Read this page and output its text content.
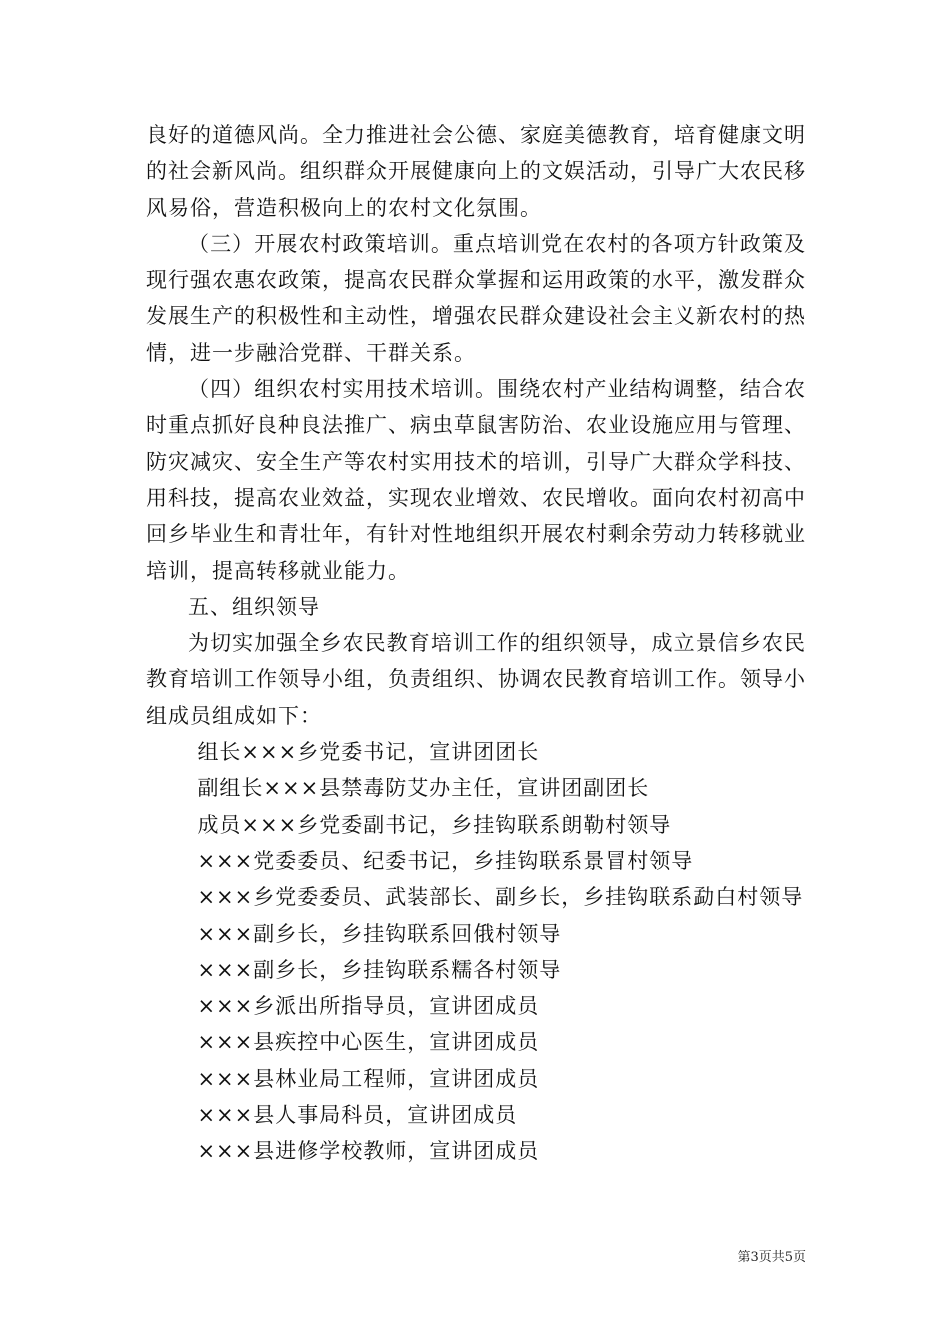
良好的道德风尚。全力推进社会公德、家庭美德教育，培育健康文明的社会新风尚。组织群众开展健康向上的文娱活动，引导广大农民移风易俗，营造积极向上的农村文化氛围。

（三）开展农村政策培训。重点培训党在农村的各项方针政策及现行强农惠农政策，提高农民群众掌握和运用政策的水平，激发群众发展生产的积极性和主动性，增强农民群众建设社会主义新农村的热情，进一步融洽党群、干群关系。

（四）组织农村实用技术培训。围绕农村产业结构调整，结合农时重点抓好良种良法推广、病虫草鼠害防治、农业设施应用与管理、防灾减灾、安全生产等农村实用技术的培训，引导广大群众学科技、用科技，提高农业效益，实现农业增效、农民增收。面向农村初高中回乡毕业生和青壮年，有针对性地组织开展农村剩余劳动力转移就业培训，提高转移就业能力。

五、组织领导

为切实加强全乡农民教育培训工作的组织领导，成立景信乡农民教育培训工作领导小组，负责组织、协调农民教育培训工作。领导小组成员组成如下：

组长×××乡党委书记，宣讲团团长

副组长×××县禁毒防艾办主任，宣讲团副团长

成员×××乡党委副书记，乡挂钩联系朗勒村领导

×××党委委员、纪委书记，乡挂钩联系景冒村领导

×××乡党委委员、武装部长、副乡长，乡挂钩联系勐白村领导

×××副乡长，乡挂钩联系回俄村领导

×××副乡长，乡挂钩联系糯各村领导

×××乡派出所指导员，宣讲团成员

×××县疾控中心医生，宣讲团成员

×××县林业局工程师，宣讲团成员

×××县人事局科员，宣讲团成员

×××县进修学校教师，宣讲团成员

第3页共5页
